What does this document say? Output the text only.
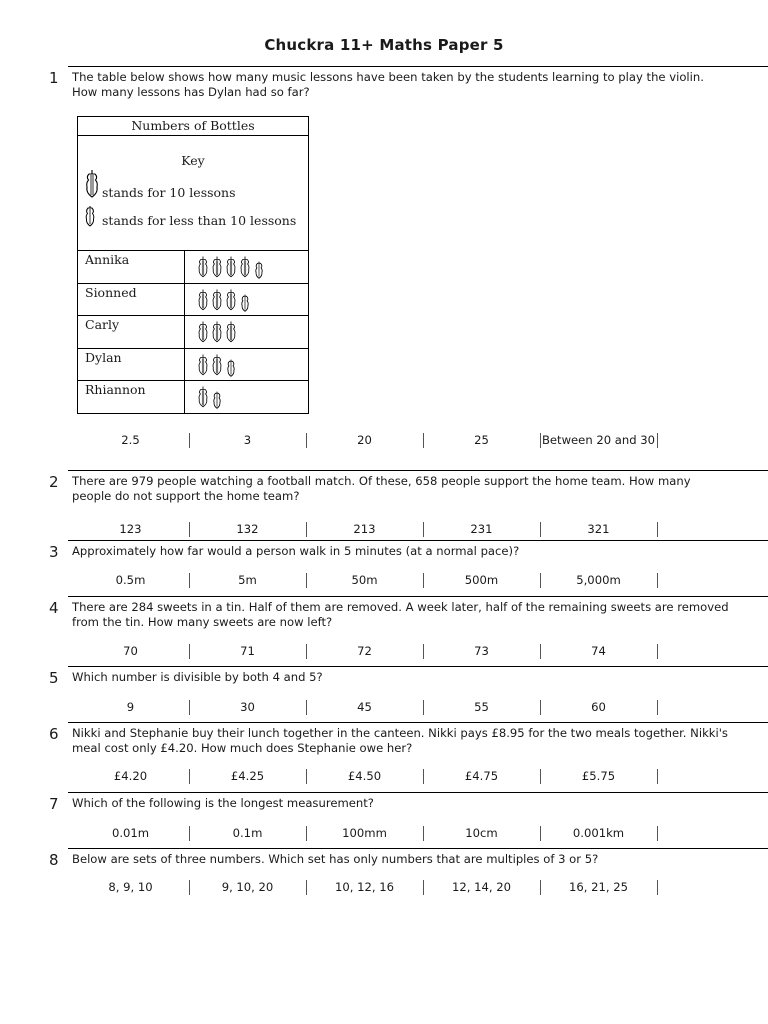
Chuckra 11+ Maths Paper 5
1 The table below shows how many music lessons have been taken by the students learning to play the violin. How many lessons has Dylan had so far?
2.5	3	20	25	Between 20 and 30
2 There are 979 people watching a football match. Of these, 658 people support the home team. How many people do not support the home team?
123	132	213	231	321
3 Approximately how far would a person walk in 5 minutes (at a normal pace)?
0.5m	5m	50m	500m	5,000m
4 There are 284 sweets in a tin. Half of them are removed. A week later, half of the remaining sweets are removed from the tin. How many sweets are now left?
70	71	72	73	74
5 Which number is divisible by both 4 and 5?
9	30	45	55	60
6 Nikki and Stephanie buy their lunch together in the canteen. Nikki pays £8.95 for the two meals together. Nikki's meal cost only £4.20. How much does Stephanie owe her?
£4.20	£4.25	£4.50	£4.75	£5.75
7 Which of the following is the longest measurement?
0.01m	0.1m	100mm	10cm	0.001km
8 Below are sets of three numbers. Which set has only numbers that are multiples of 3 or 5?
8, 9, 10	9, 10, 20	10, 12, 16	12, 14, 20	16, 21, 25
Numbers of Bottles
Key
stands for 10 lessons
stands for less than 10 lessons
Annika
Sionned
Carly
Dylan
Rhiannon
